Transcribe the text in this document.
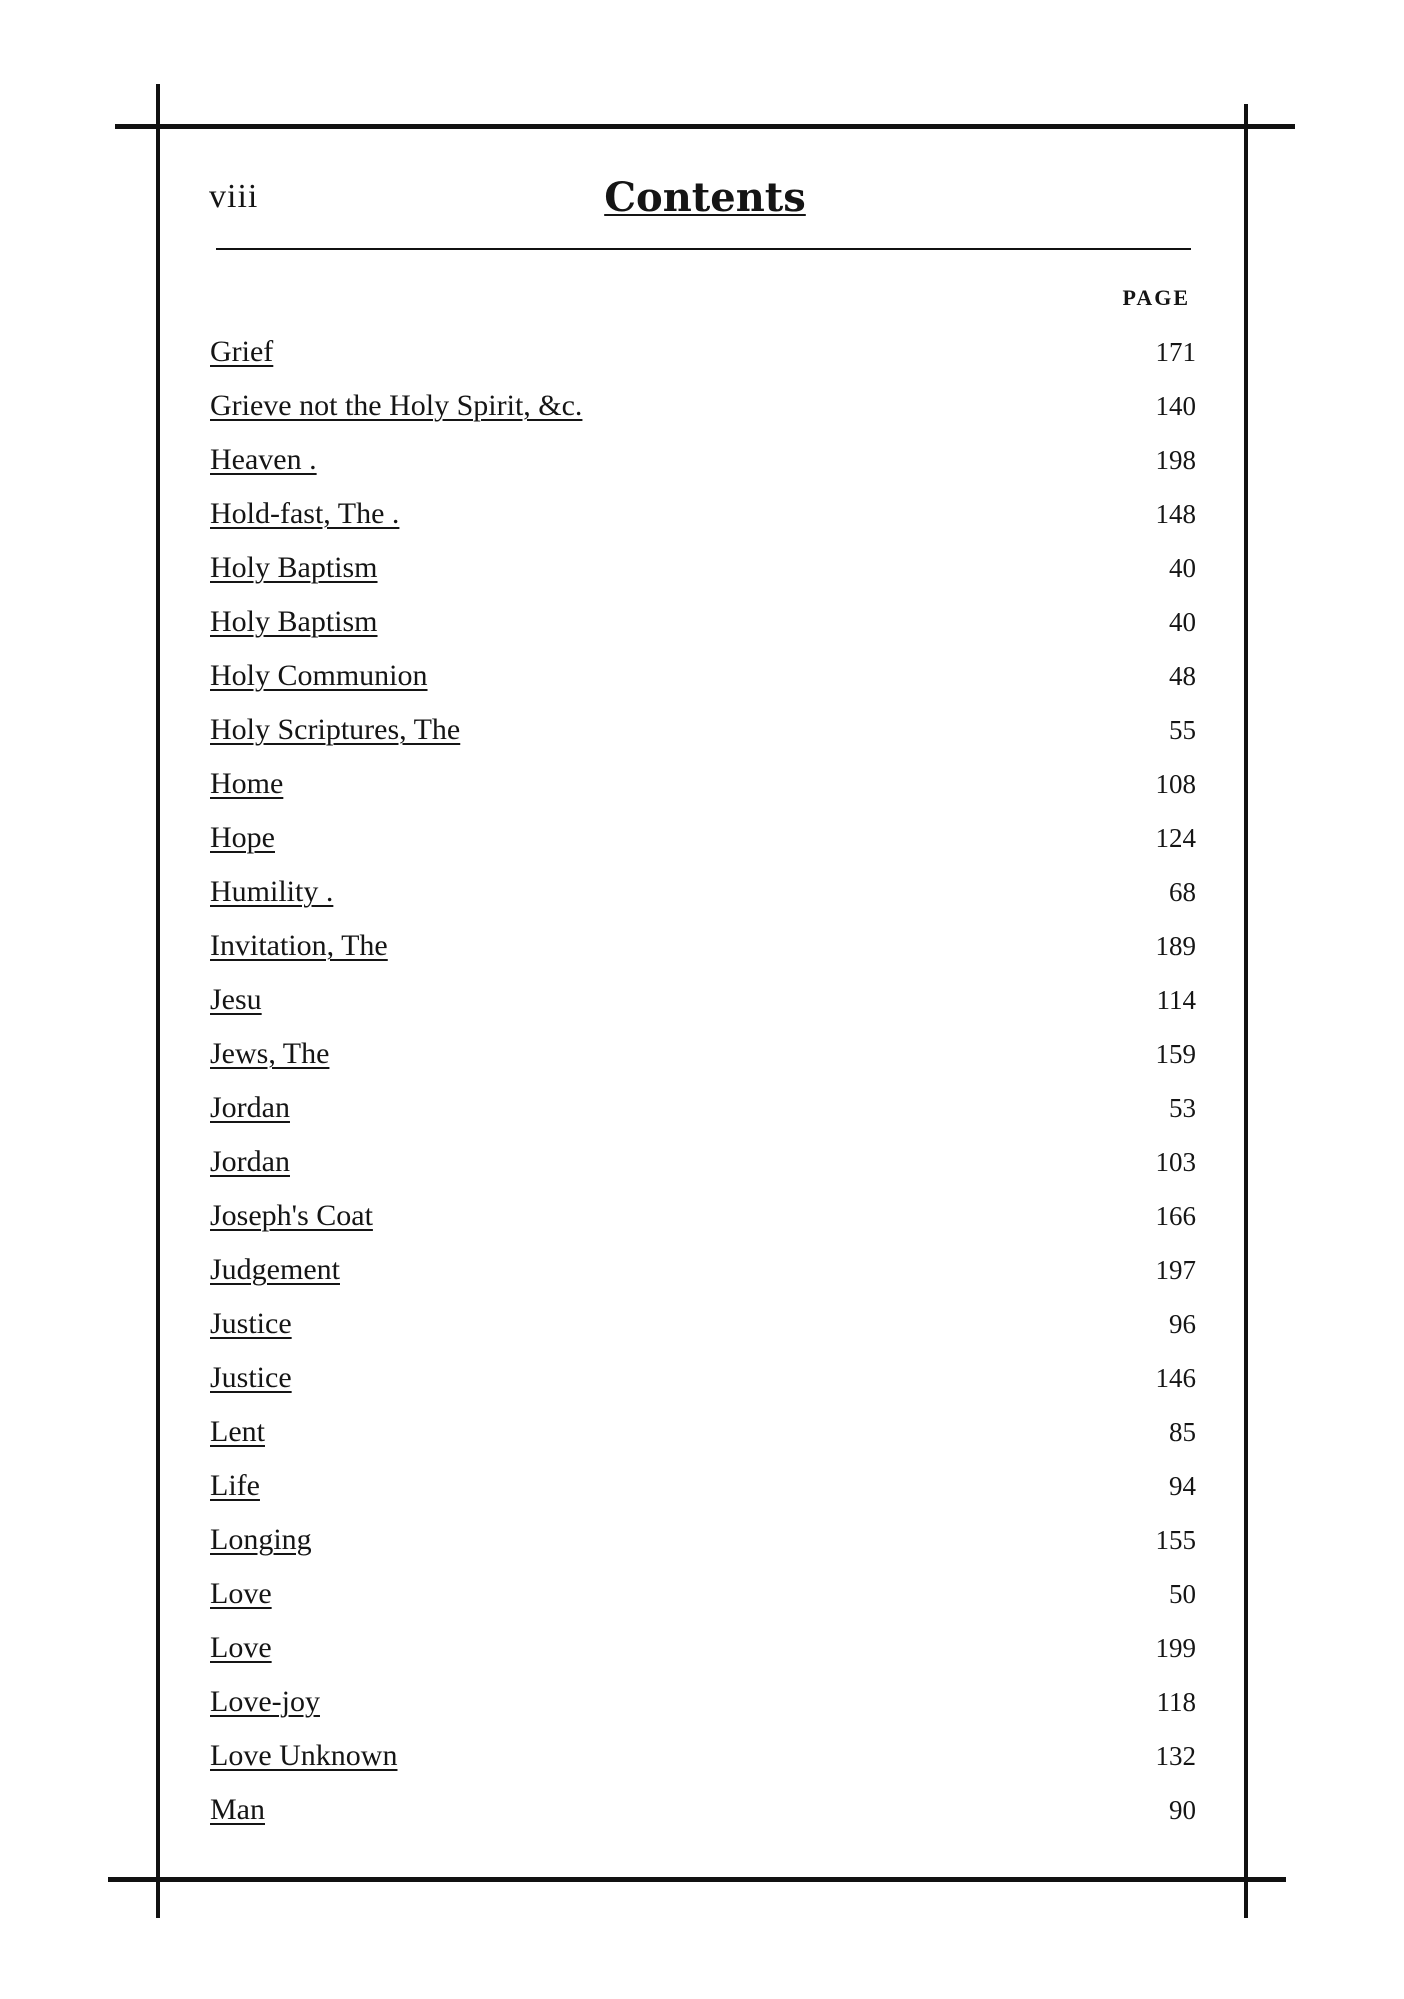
viii	Contents
PAGE
Grief	171
Grieve not the Holy Spirit, &c.	140
Heaven .	198
Hold-fast, The .	148
Holy Baptism	40
Holy Baptism	40
Holy Communion	48
Holy Scriptures, The	55
Home	108
Hope	124
Humility .	68
Invitation, The	189
Jesu	114
Jews, The	159
Jordan	53
Jordan	103
Joseph's Coat	166
Judgement	197
Justice	96
Justice	146
Lent	85
Life	94
Longing	155
Love	50
Love	199
Love-joy	118
Love Unknown	132
Man	90
